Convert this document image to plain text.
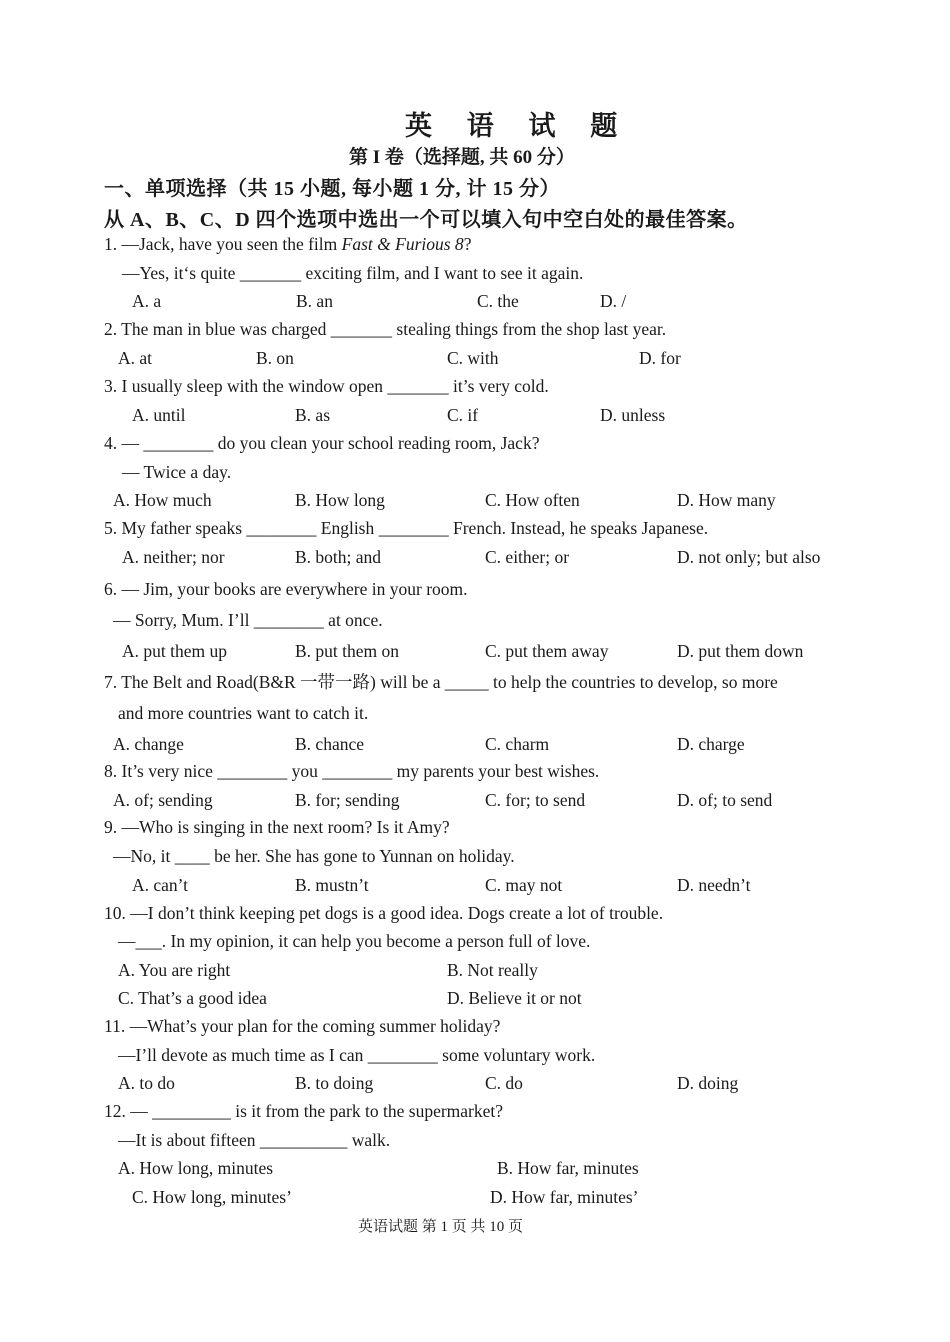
英 语 试 题
第 I 卷（选择题, 共 60 分）
一、单项选择（共 15 小题, 每小题 1 分, 计 15 分）
从 A、B、C、D 四个选项中选出一个可以填入句中空白处的最佳答案。
1. —Jack, have you seen the film Fast & Furious 8?
—Yes, it‘s quite _______ exciting film, and I want to see it again.
A. a	B. an	C. the	D. /
2. The man in blue was charged _______ stealing things from the shop last year.
A. at	B. on	C. with	D. for
3. I usually sleep with the window open _______ it’s very cold.
A. until	B. as	C. if	D. unless
4. — ________ do you clean your school reading room, Jack?
— Twice a day.
A. How much	B. How long	C. How often	D. How many
5. My father speaks ________ English ________ French. Instead, he speaks Japanese.
A. neither; nor	B. both; and	C. either; or	D. not only; but also
6. — Jim, your books are everywhere in your room.
— Sorry, Mum. I’ll ________ at once.
A. put them up	B. put them on	C. put them away	D. put them down
7. The Belt and Road(B&R 一带一路) will be a _____ to help the countries to develop, so more
and more countries want to catch it.
A. change	B. chance	C. charm	D. charge
8. It’s very nice ________ you ________ my parents your best wishes.
A. of; sending	B. for; sending	C. for; to send	D. of; to send
9. —Who is singing in the next room? Is it Amy?
—No, it ____ be her. She has gone to Yunnan on holiday.
A. can’t	B. mustn’t	C. may not	D. needn’t
10. —I don’t think keeping pet dogs is a good idea. Dogs create a lot of trouble.
—___. In my opinion, it can help you become a person full of love.
A. You are right	B. Not really
C. That’s a good idea	D. Believe it or not
11. —What’s your plan for the coming summer holiday?
—I’ll devote as much time as I can ________ some voluntary work.
A. to do	B. to doing	C. do	D. doing
12. — _________ is it from the park to the supermarket?
—It is about fifteen __________ walk.
A. How long, minutes	B. How far, minutes
C. How long, minutes’	D. How far, minutes’
英语试题 第 1 页 共 10 页
